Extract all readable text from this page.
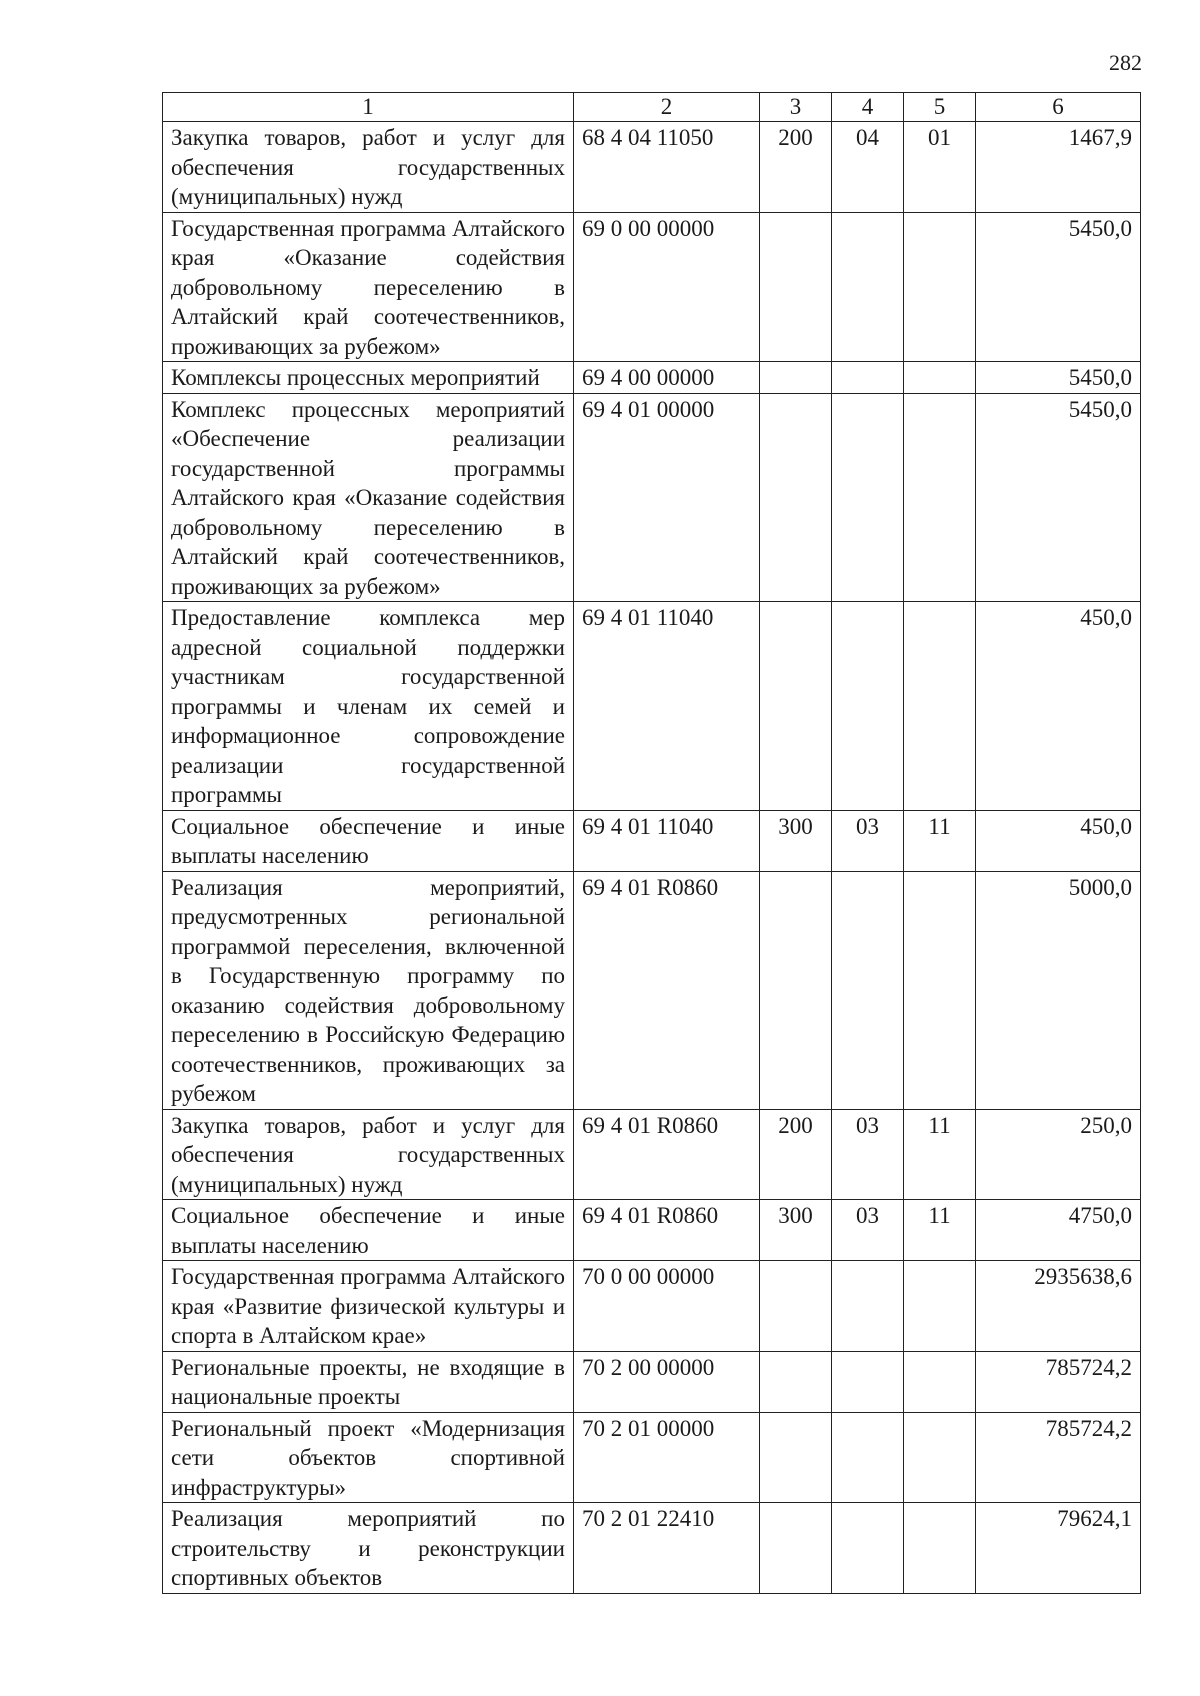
282
1	2	3	4	5	6
Закупка товаров, работ и услуг для обеспечения государственных (муниципальных) нужд	68 4 04 11050	200	04	01	1467,9
Государственная программа Алтайского края «Оказание содействия добровольному переселению в Алтайский край соотечественников, проживающих за рубежом»	69 0 00 00000				5450,0
Комплексы процессных мероприятий	69 4 00 00000				5450,0
Комплекс процессных мероприятий «Обеспечение реализации государственной программы Алтайского края «Оказание содействия добровольному переселению в Алтайский край соотечественников, проживающих за рубежом»	69 4 01 00000				5450,0
Предоставление комплекса мер адресной социальной поддержки участникам государственной программы и членам их семей и информационное сопровождение реализации государственной программы	69 4 01 11040				450,0
Социальное обеспечение и иные выплаты населению	69 4 01 11040	300	03	11	450,0
Реализация мероприятий, предусмотренных региональной программой переселения, включенной в Государственную программу по оказанию содействия добровольному переселению в Российскую Федерацию соотечественников, проживающих за рубежом	69 4 01 R0860				5000,0
Закупка товаров, работ и услуг для обеспечения государственных (муниципальных) нужд	69 4 01 R0860	200	03	11	250,0
Социальное обеспечение и иные выплаты населению	69 4 01 R0860	300	03	11	4750,0
Государственная программа Алтайского края «Развитие физической культуры и спорта в Алтайском крае»	70 0 00 00000				2935638,6
Региональные проекты, не входящие в национальные проекты	70 2 00 00000				785724,2
Региональный проект «Модернизация сети объектов спортивной инфраструктуры»	70 2 01 00000				785724,2
Реализация мероприятий по строительству и реконструкции спортивных объектов	70 2 01 22410				79624,1
